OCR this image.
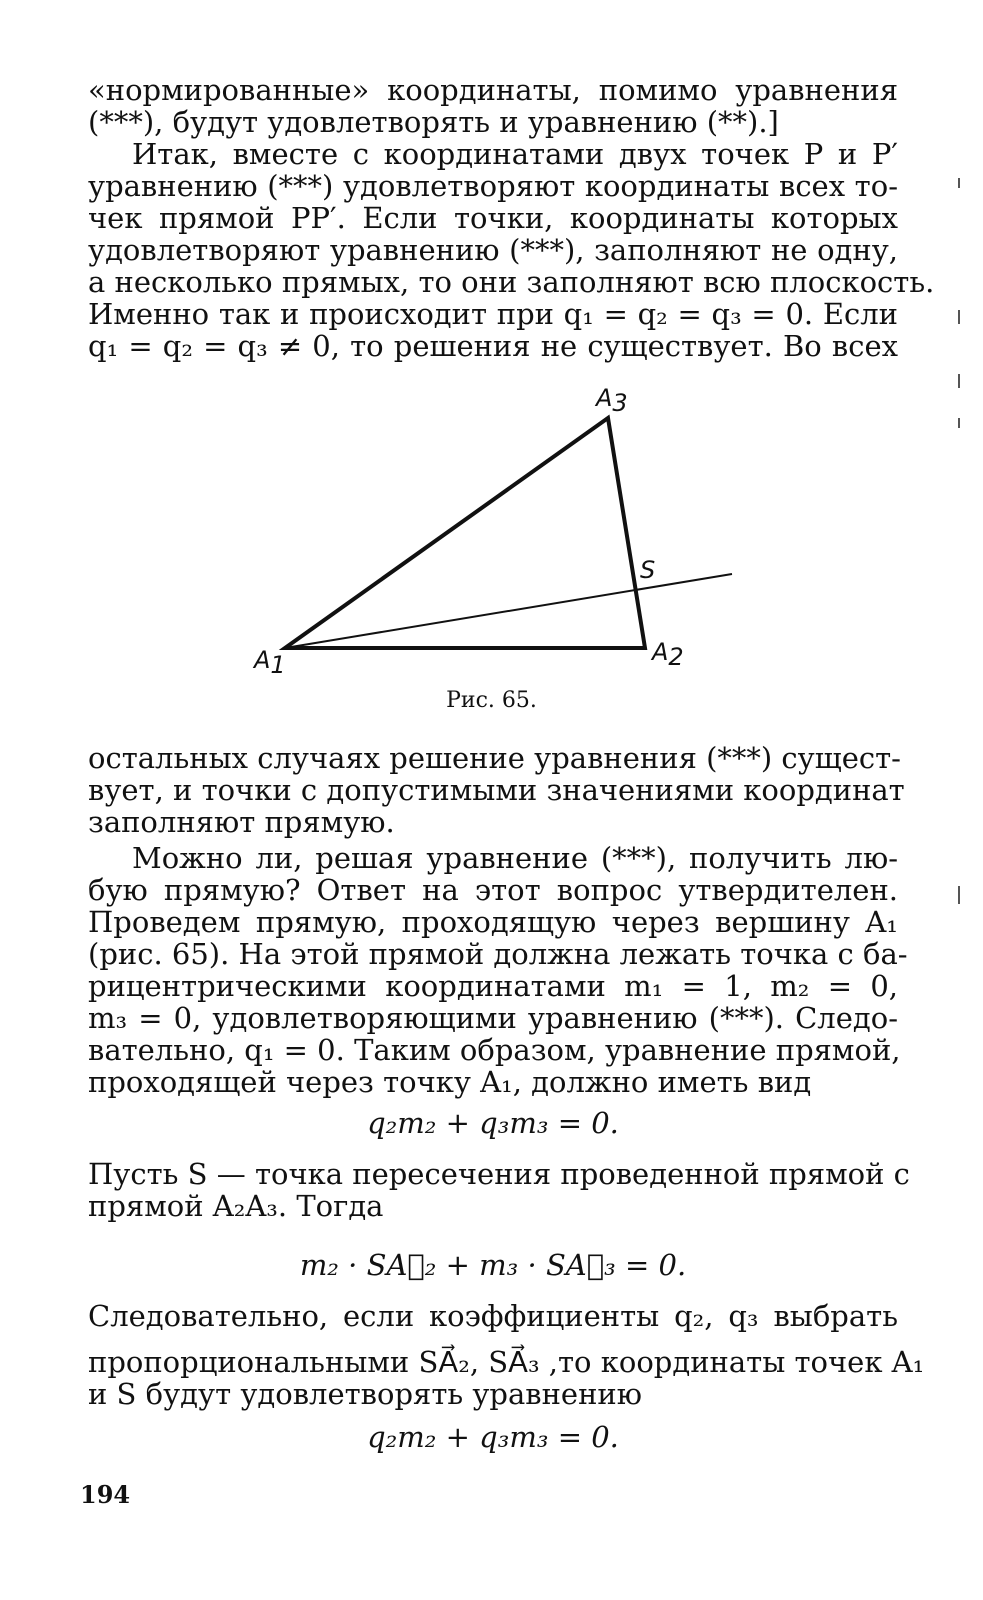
«нормированные» координаты, помимо уравнения
(***), будут удовлетворять и уравнению (**).]

Итак, вместе с координатами двух точек P и P′
уравнению (***) удовлетворяют координаты всех то-
чек прямой PP′. Если точки, координаты которых
удовлетворяют уравнению (***), заполняют не одну,
а несколько прямых, то они заполняют всю плоскость.
Именно так и происходит при q₁ = q₂ = q₃ = 0. Если
q₁ = q₂ = q₃ ≠ 0, то решения не существует. Во всех

A3
S
A1	A2
Рис. 65.

остальных случаях решение уравнения (***) сущест-
вует, и точки с допустимыми значениями координат
заполняют прямую.

Можно ли, решая уравнение (***), получить лю-
бую прямую? Ответ на этот вопрос утвердителен.
Проведем прямую, проходящую через вершину A₁
(рис. 65). На этой прямой должна лежать точка с ба-
рицентрическими координатами m₁ = 1, m₂ = 0,
m₃ = 0, удовлетворяющими уравнению (***). Следо-
вательно, q₁ = 0. Таким образом, уравнение прямой,
проходящей через точку A₁, должно иметь вид

q₂m₂ + q₃m₃ = 0.

Пусть S — точка пересечения проведенной прямой с
прямой A₂A₃. Тогда

m₂ · SA⃗₂ + m₃ · SA⃗₃ = 0.

Следовательно, если коэффициенты q₂, q₃ выбрать
пропорциональными SA⃗₂, SA⃗₃ ,то координаты точек A₁
и S будут удовлетворять уравнению

q₂m₂ + q₃m₃ = 0.
194
